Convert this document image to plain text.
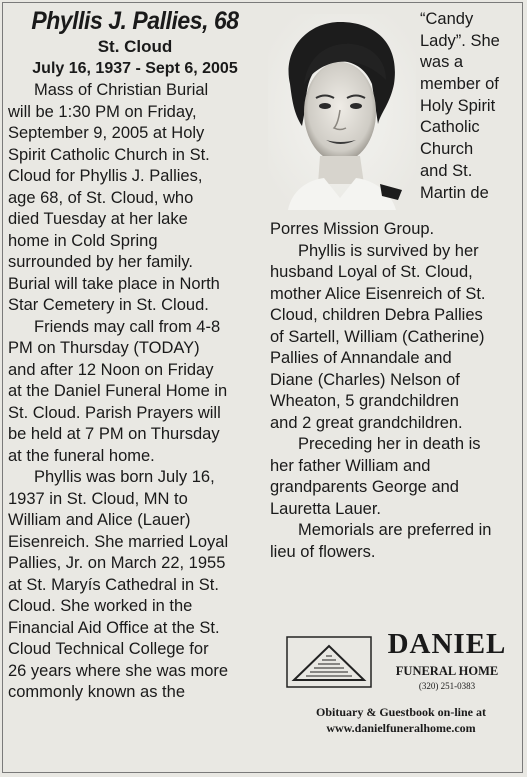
Phyllis J. Pallies, 68
St. Cloud
July 16, 1937 - Sept 6, 2005
Mass of Christian Burial
will be 1:30 PM on Friday,
September 9, 2005 at Holy
Spirit Catholic Church in St.
Cloud for Phyllis J. Pallies,
age 68, of St. Cloud, who
died Tuesday at her lake
home in Cold Spring
surrounded by her family.
Burial will take place in North
Star Cemetery in St. Cloud.
Friends may call from 4-8
PM on Thursday (TODAY)
and after 12 Noon on Friday
at the Daniel Funeral Home in
St. Cloud. Parish Prayers will
be held at 7 PM on Thursday
at the funeral home.
Phyllis was born July 16,
1937 in St. Cloud, MN to
William and Alice (Lauer)
Eisenreich. She married Loyal
Pallies, Jr. on March 22, 1955
at St. Maryís Cathedral in St.
Cloud. She worked in the
Financial Aid Office at the St.
Cloud Technical College for
26 years where she was more
commonly known as the
“Candy
Lady”. She
was a
member of
Holy Spirit
Catholic
Church
and St.
Martin de
Porres Mission Group.
Phyllis is survived by her
husband Loyal of St. Cloud,
mother Alice Eisenreich of St.
Cloud, children Debra Pallies
of Sartell, William (Catherine)
Pallies of Annandale and
Diane (Charles) Nelson of
Wheaton, 5 grandchildren
and 2 great grandchildren.
Preceding her in death is
her father William and
grandparents George and
Lauretta Lauer.
Memorials are preferred in
lieu of flowers.
DANIEL
FUNERAL HOME
(320) 251-0383
Obituary & Guestbook on-line at
www.danielfuneralhome.com
